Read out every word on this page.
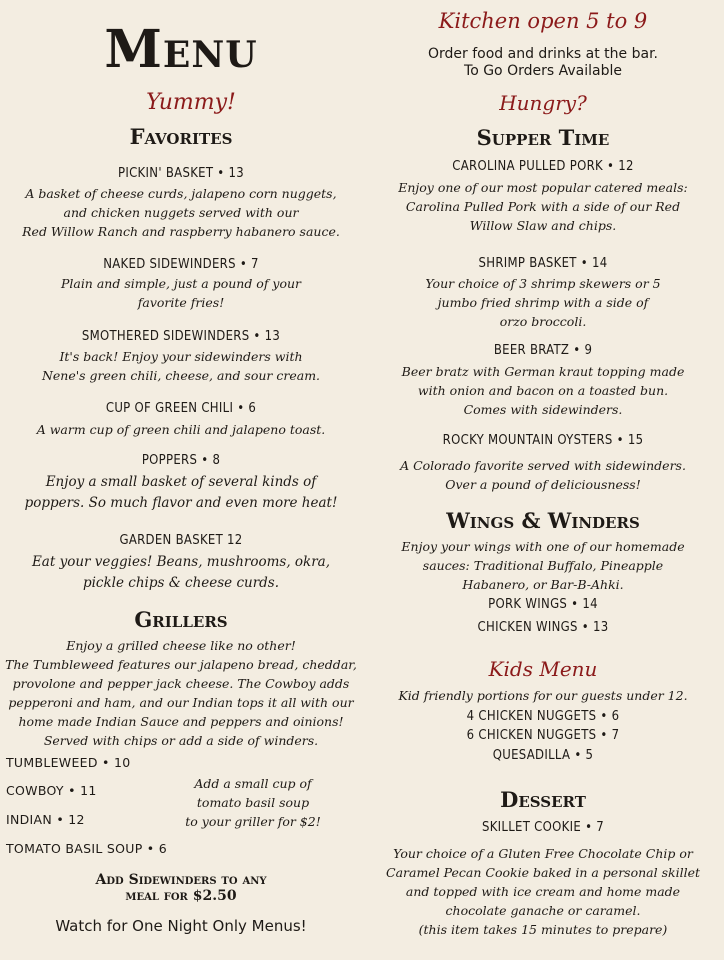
Menu
Yummy!
Favorites
PICKIN' BASKET • 13
A basket of cheese curds, jalapeno corn nuggets,
and chicken nuggets served with our
Red Willow Ranch and raspberry habanero sauce.
NAKED SIDEWINDERS • 7
Plain and simple, just a pound of your
favorite fries!
SMOTHERED SIDEWINDERS • 13
It's back! Enjoy your sidewinders with
Nene's green chili, cheese, and sour cream.
CUP OF GREEN CHILI • 6
A warm cup of green chili and jalapeno toast.
POPPERS • 8
Enjoy a small basket of several kinds of
poppers. So much flavor and even more heat!
GARDEN BASKET 12
Eat your veggies! Beans, mushrooms, okra,
pickle chips & cheese curds.
Grillers
Enjoy a grilled cheese like no other!
The Tumbleweed features our jalapeno bread, cheddar,
provolone and pepper jack cheese. The Cowboy adds
pepperoni and ham, and our Indian tops it all with our
home made Indian Sauce and peppers and oinions!
Served with chips or add a side of winders.
TUMBLEWEED • 10
COWBOY • 11
INDIAN • 12
TOMATO BASIL SOUP • 6
Add a small cup of
tomato basil soup
to your griller for $2!
Add Sidewinders to any
meal for $2.50
Watch for One Night Only Menus!
Kitchen open 5 to 9
Order food and drinks at the bar.
To Go Orders Available
Hungry?
Supper Time
CAROLINA PULLED PORK • 12
Enjoy one of our most popular catered meals:
Carolina Pulled Pork with a side of our Red
Willow Slaw and chips.
SHRIMP BASKET • 14
Your choice of 3 shrimp skewers or 5
jumbo fried shrimp with a side of
orzo broccoli.
BEER BRATZ • 9
Beer bratz with German kraut topping made
with onion and bacon on a toasted bun.
Comes with sidewinders.
ROCKY MOUNTAIN OYSTERS • 15
A Colorado favorite served with sidewinders.
Over a pound of deliciousness!
Wings & Winders
Enjoy your wings with one of our homemade
sauces: Traditional Buffalo, Pineapple
Habanero, or Bar-B-Ahki.
PORK WINGS • 14
CHICKEN WINGS • 13
Kids Menu
Kid friendly portions for our guests under 12.
4 CHICKEN NUGGETS • 6
6 CHICKEN NUGGETS • 7
QUESADILLA • 5
Dessert
SKILLET COOKIE • 7
Your choice of a Gluten Free Chocolate Chip or
Caramel Pecan Cookie baked in a personal skillet
and topped with ice cream and home made
chocolate ganache or caramel.
(this item takes 15 minutes to prepare)
